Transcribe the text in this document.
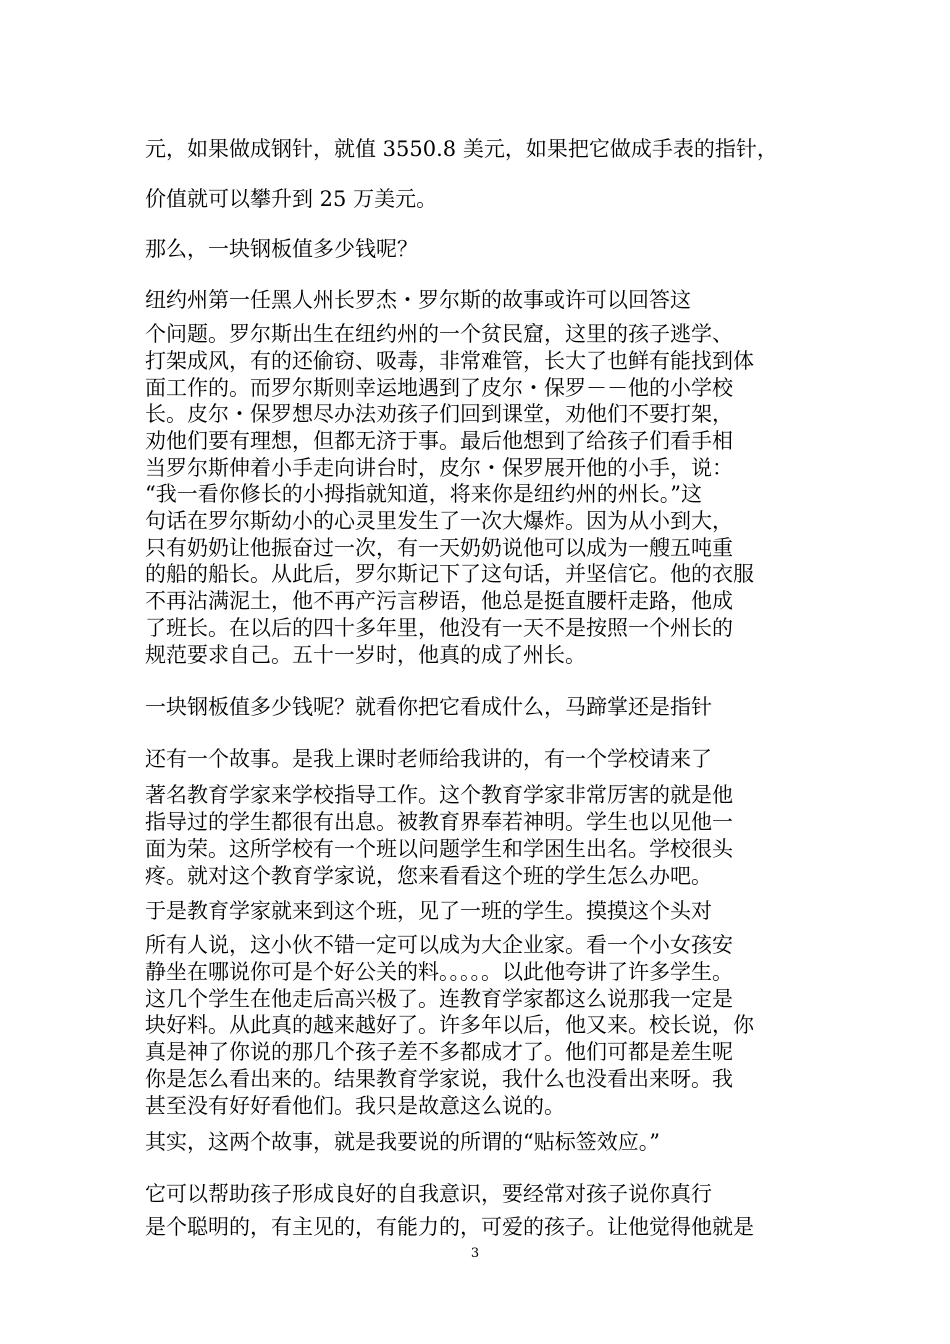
元，如果做成钢针，就值 3550.8 美元，如果把它做成手表的指针，
价值就可以攀升到 25 万美元。
那么，一块钢板值多少钱呢？
纽约州第一任黑人州长罗杰・罗尔斯的故事或许可以回答这
个问题。罗尔斯出生在纽约州的一个贫民窟，这里的孩子逃学、
打架成风，有的还偷窃、吸毒，非常难管，长大了也鲜有能找到体
面工作的。而罗尔斯则幸运地遇到了皮尔・保罗－－他的小学校
长。皮尔・保罗想尽办法劝孩子们回到课堂，劝他们不要打架，
劝他们要有理想，但都无济于事。最后他想到了给孩子们看手相
当罗尔斯伸着小手走向讲台时，皮尔・保罗展开他的小手，说：
“我一看你修长的小拇指就知道，将来你是纽约州的州长。”这
句话在罗尔斯幼小的心灵里发生了一次大爆炸。因为从小到大，
只有奶奶让他振奋过一次，有一天奶奶说他可以成为一艘五吨重
的船的船长。从此后，罗尔斯记下了这句话，并坚信它。他的衣服
不再沾满泥土，他不再产污言秽语，他总是挺直腰杆走路，他成
了班长。在以后的四十多年里，他没有一天不是按照一个州长的
规范要求自己。五十一岁时，他真的成了州长。
一块钢板值多少钱呢？就看你把它看成什么，马蹄掌还是指针
还有一个故事。是我上课时老师给我讲的，有一个学校请来了
著名教育学家来学校指导工作。这个教育学家非常厉害的就是他
指导过的学生都很有出息。被教育界奉若神明。学生也以见他一
面为荣。这所学校有一个班以问题学生和学困生出名。学校很头
疼。就对这个教育学家说，您来看看这个班的学生怎么办吧。
于是教育学家就来到这个班，见了一班的学生。摸摸这个头对
所有人说，这小伙不错一定可以成为大企业家。看一个小女孩安
静坐在哪说你可是个好公关的料。。。。。以此他夸讲了许多学生。
这几个学生在他走后高兴极了。连教育学家都这么说那我一定是
块好料。从此真的越来越好了。许多年以后，他又来。校长说，你
真是神了你说的那几个孩子差不多都成才了。他们可都是差生呢
你是怎么看出来的。结果教育学家说，我什么也没看出来呀。我
甚至没有好好看他们。我只是故意这么说的。
其实，这两个故事，就是我要说的所谓的“贴标签效应。”
它可以帮助孩子形成良好的自我意识，要经常对孩子说你真行
是个聪明的，有主见的，有能力的，可爱的孩子。让他觉得他就是
3
